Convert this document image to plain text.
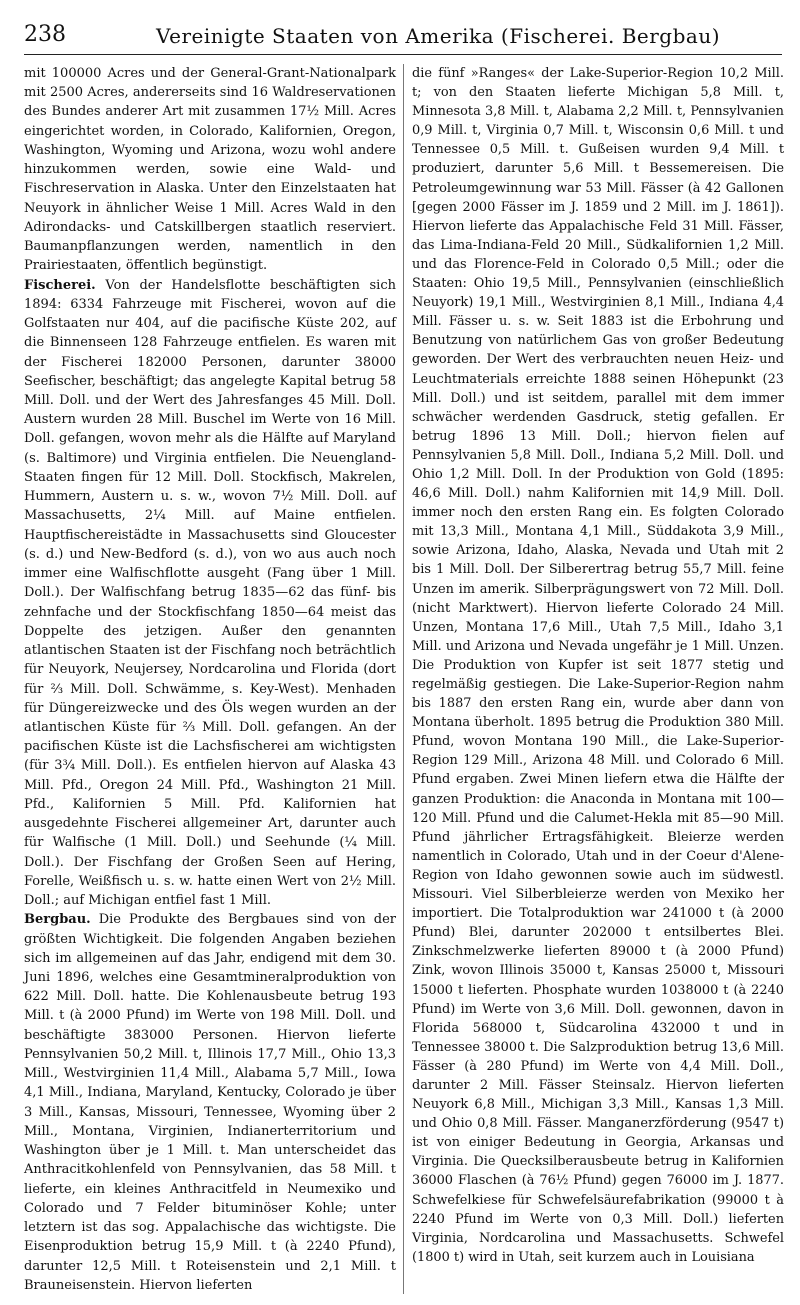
238	Vereinigte Staaten von Amerika (Fischerei. Bergbau)

mit 100000 Acres und der General-Grant-Nationalpark mit 2500 Acres, andererseits sind 16 Waldreservationen des Bundes anderer Art mit zusammen 17½ Mill. Acres eingerichtet worden, in Colorado, Kalifornien, Oregon, Washington, Wyoming und Arizona, wozu wohl andere hinzukommen werden, sowie eine Wald- und Fischreservation in Alaska. Unter den Einzelstaaten hat Neuyork in ähnlicher Weise 1 Mill. Acres Wald in den Adirondacks- und Catskillbergen staatlich reserviert. Baumanpflanzungen werden, namentlich in den Prairiestaaten, öffentlich begünstigt.

Fischerei. Von der Handelsflotte beschäftigten sich 1894: 6334 Fahrzeuge mit Fischerei, wovon auf die Golfstaaten nur 404, auf die pacifische Küste 202, auf die Binnenseen 128 Fahrzeuge entfielen. Es waren mit der Fischerei 182000 Personen, darunter 38000 Seefischer, beschäftigt; das angelegte Kapital betrug 58 Mill. Doll. und der Wert des Jahresfanges 45 Mill. Doll. Austern wurden 28 Mill. Buschel im Werte von 16 Mill. Doll. gefangen, wovon mehr als die Hälfte auf Maryland (s. Baltimore) und Virginia entfielen. Die Neuengland-Staaten fingen für 12 Mill. Doll. Stockfisch, Makrelen, Hummern, Austern u. s. w., wovon 7½ Mill. Doll. auf Massachusetts, 2¼ Mill. auf Maine entfielen. Hauptfischereistädte in Massachusetts sind Gloucester (s. d.) und New-Bedford (s. d.), von wo aus auch noch immer eine Walfischflotte ausgeht (Fang über 1 Mill. Doll.). Der Walfischfang betrug 1835—62 das fünf- bis zehnfache und der Stockfischfang 1850—64 meist das Doppelte des jetzigen. Außer den genannten atlantischen Staaten ist der Fischfang noch beträchtlich für Neuyork, Neujersey, Nordcarolina und Florida (dort für ⅔ Mill. Doll. Schwämme, s. Key-West). Menhaden für Düngereizwecke und des Öls wegen wurden an der atlantischen Küste für ⅔ Mill. Doll. gefangen. An der pacifischen Küste ist die Lachsfischerei am wichtigsten (für 3¾ Mill. Doll.). Es entfielen hiervon auf Alaska 43 Mill. Pfd., Oregon 24 Mill. Pfd., Washington 21 Mill. Pfd., Kalifornien 5 Mill. Pfd. Kalifornien hat ausgedehnte Fischerei allgemeiner Art, darunter auch für Walfische (1 Mill. Doll.) und Seehunde (¼ Mill. Doll.). Der Fischfang der Großen Seen auf Hering, Forelle, Weißfisch u. s. w. hatte einen Wert von 2½ Mill. Doll.; auf Michigan entfiel fast 1 Mill.

Bergbau. Die Produkte des Bergbaues sind von der größten Wichtigkeit. Die folgenden Angaben beziehen sich im allgemeinen auf das Jahr, endigend mit dem 30. Juni 1896, welches eine Gesamtmineralproduktion von 622 Mill. Doll. hatte. Die Kohlenausbeute betrug 193 Mill. t (à 2000 Pfund) im Werte von 198 Mill. Doll. und beschäftigte 383000 Personen. Hiervon lieferte Pennsylvanien 50,2 Mill. t, Illinois 17,7 Mill., Ohio 13,3 Mill., Westvirginien 11,4 Mill., Alabama 5,7 Mill., Iowa 4,1 Mill., Indiana, Maryland, Kentucky, Colorado je über 3 Mill., Kansas, Missouri, Tennessee, Wyoming über 2 Mill., Montana, Virginien, Indianerterritorium und Washington über je 1 Mill. t. Man unterscheidet das Anthracitkohlenfeld von Pennsylvanien, das 58 Mill. t lieferte, ein kleines Anthracitfeld in Neumexiko und Colorado und 7 Felder bituminöser Kohle; unter letztern ist das sog. Appalachische das wichtigste. Die Eisenproduktion betrug 15,9 Mill. t (à 2240 Pfund), darunter 12,5 Mill. t Roteisenstein und 2,1 Mill. t Brauneisenstein. Hiervon lieferten

die fünf »Ranges« der Lake-Superior-Region 10,2 Mill. t; von den Staaten lieferte Michigan 5,8 Mill. t, Minnesota 3,8 Mill. t, Alabama 2,2 Mill. t, Pennsylvanien 0,9 Mill. t, Virginia 0,7 Mill. t, Wisconsin 0,6 Mill. t und Tennessee 0,5 Mill. t. Gußeisen wurden 9,4 Mill. t produziert, darunter 5,6 Mill. t Bessemereisen. Die Petroleumgewinnung war 53 Mill. Fässer (à 42 Gallonen [gegen 2000 Fässer im J. 1859 und 2 Mill. im J. 1861]). Hiervon lieferte das Appalachische Feld 31 Mill. Fässer, das Lima-Indiana-Feld 20 Mill., Südkalifornien 1,2 Mill. und das Florence-Feld in Colorado 0,5 Mill.; oder die Staaten: Ohio 19,5 Mill., Pennsylvanien (einschließlich Neuyork) 19,1 Mill., Westvirginien 8,1 Mill., Indiana 4,4 Mill. Fässer u. s. w. Seit 1883 ist die Erbohrung und Benutzung von natürlichem Gas von großer Bedeutung geworden. Der Wert des verbrauchten neuen Heiz- und Leuchtmaterials erreichte 1888 seinen Höhepunkt (23 Mill. Doll.) und ist seitdem, parallel mit dem immer schwächer werdenden Gasdruck, stetig gefallen. Er betrug 1896 13 Mill. Doll.; hiervon fielen auf Pennsylvanien 5,8 Mill. Doll., Indiana 5,2 Mill. Doll. und Ohio 1,2 Mill. Doll. In der Produktion von Gold (1895: 46,6 Mill. Doll.) nahm Kalifornien mit 14,9 Mill. Doll. immer noch den ersten Rang ein. Es folgten Colorado mit 13,3 Mill., Montana 4,1 Mill., Süddakota 3,9 Mill., sowie Arizona, Idaho, Alaska, Nevada und Utah mit 2 bis 1 Mill. Doll. Der Silberertrag betrug 55,7 Mill. feine Unzen im amerik. Silberprägungswert von 72 Mill. Doll. (nicht Marktwert). Hiervon lieferte Colorado 24 Mill. Unzen, Montana 17,6 Mill., Utah 7,5 Mill., Idaho 3,1 Mill. und Arizona und Nevada ungefähr je 1 Mill. Unzen. Die Produktion von Kupfer ist seit 1877 stetig und regelmäßig gestiegen. Die Lake-Superior-Region nahm bis 1887 den ersten Rang ein, wurde aber dann von Montana überholt. 1895 betrug die Produktion 380 Mill. Pfund, wovon Montana 190 Mill., die Lake-Superior-Region 129 Mill., Arizona 48 Mill. und Colorado 6 Mill. Pfund ergaben. Zwei Minen liefern etwa die Hälfte der ganzen Produktion: die Anaconda in Montana mit 100—120 Mill. Pfund und die Calumet-Hekla mit 85—90 Mill. Pfund jährlicher Ertragsfähigkeit. Bleierze werden namentlich in Colorado, Utah und in der Coeur d'Alene-Region von Idaho gewonnen sowie auch im südwestl. Missouri. Viel Silberbleierze werden von Mexiko her importiert. Die Totalproduktion war 241000 t (à 2000 Pfund) Blei, darunter 202000 t entsilbertes Blei. Zinkschmelzwerke lieferten 89000 t (à 2000 Pfund) Zink, wovon Illinois 35000 t, Kansas 25000 t, Missouri 15000 t lieferten. Phosphate wurden 1038000 t (à 2240 Pfund) im Werte von 3,6 Mill. Doll. gewonnen, davon in Florida 568000 t, Südcarolina 432000 t und in Tennessee 38000 t. Die Salzproduktion betrug 13,6 Mill. Fässer (à 280 Pfund) im Werte von 4,4 Mill. Doll., darunter 2 Mill. Fässer Steinsalz. Hiervon lieferten Neuyork 6,8 Mill., Michigan 3,3 Mill., Kansas 1,3 Mill. und Ohio 0,8 Mill. Fässer. Manganerzförderung (9547 t) ist von einiger Bedeutung in Georgia, Arkansas und Virginia. Die Quecksilberausbeute betrug in Kalifornien 36000 Flaschen (à 76½ Pfund) gegen 76000 im J. 1877. Schwefelkiese für Schwefelsäurefabrikation (99000 t à 2240 Pfund im Werte von 0,3 Mill. Doll.) lieferten Virginia, Nordcarolina und Massachusetts. Schwefel (1800 t) wird in Utah, seit kurzem auch in Louisiana
